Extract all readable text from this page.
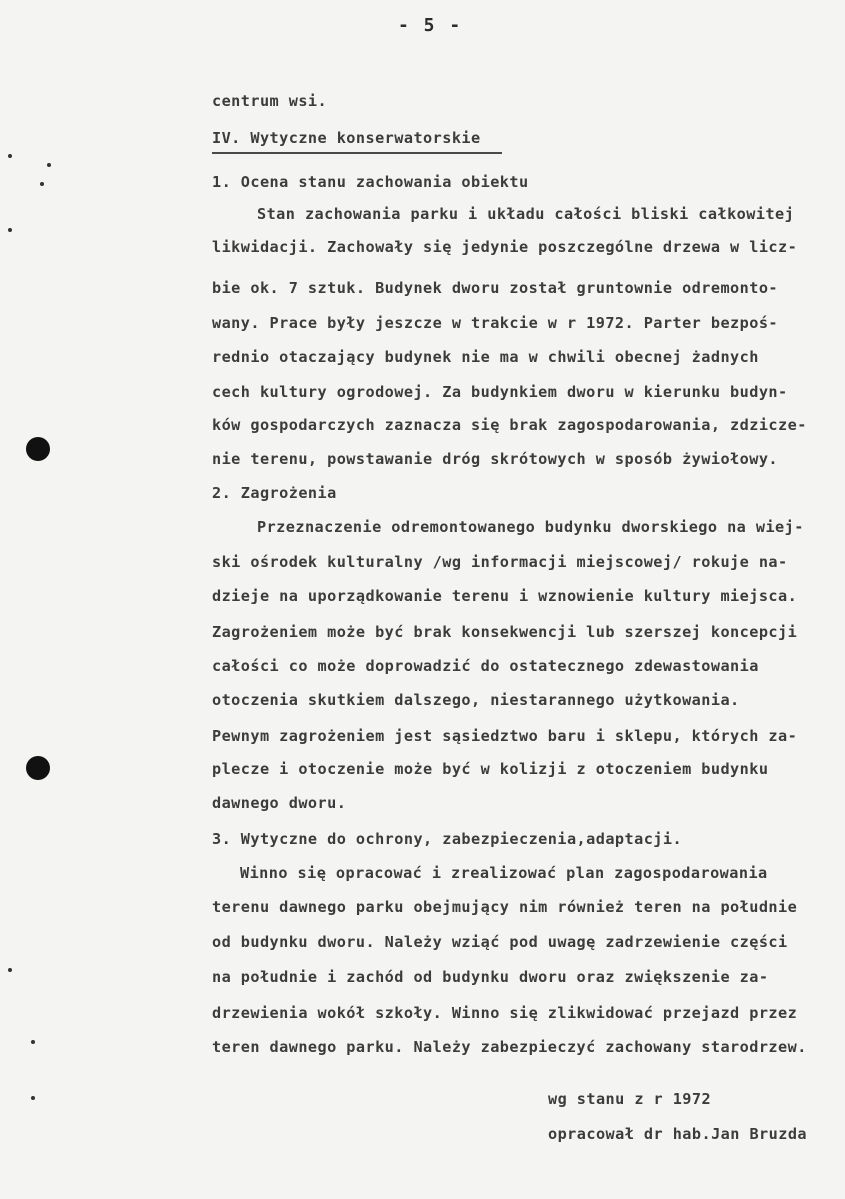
- 5 -
centrum wsi.
IV. Wytyczne konserwatorskie
1. Ocena stanu zachowania obiektu
Stan zachowania parku i układu całości bliski całkowitej
likwidacji. Zachowały się jedynie poszczególne drzewa w licz-
bie ok. 7 sztuk. Budynek dworu został gruntownie odremonto-
wany. Prace były jeszcze w trakcie w r 1972. Parter bezpoś-
rednio otaczający budynek nie ma w chwili obecnej żadnych
cech kultury ogrodowej. Za budynkiem dworu w kierunku budyn-
ków gospodarczych zaznacza się brak zagospodarowania, zdzicze-
nie terenu, powstawanie dróg skrótowych w sposób żywiołowy.
2. Zagrożenia
Przeznaczenie odremontowanego budynku dworskiego na wiej-
ski ośrodek kulturalny /wg informacji miejscowej/ rokuje na-
dzieje na uporządkowanie terenu i wznowienie kultury miejsca.
Zagrożeniem może być brak konsekwencji lub szerszej koncepcji
całości co może doprowadzić do ostatecznego zdewastowania
otoczenia skutkiem dalszego, niestarannego użytkowania.
Pewnym zagrożeniem jest sąsiedztwo baru i sklepu, których za-
plecze i otoczenie może być w kolizji z otoczeniem budynku
dawnego dworu.
3. Wytyczne do ochrony, zabezpieczenia,adaptacji.
Winno się opracować i zrealizować plan zagospodarowania
terenu dawnego parku obejmujący nim również teren na południe
od budynku dworu. Należy wziąć pod uwagę zadrzewienie części
na południe i zachód od budynku dworu oraz zwiększenie za-
drzewienia wokół szkoły. Winno się zlikwidować przejazd przez
teren dawnego parku. Należy zabezpieczyć zachowany starodrzew.
wg stanu z r 1972
opracował dr hab.Jan Bruzda
